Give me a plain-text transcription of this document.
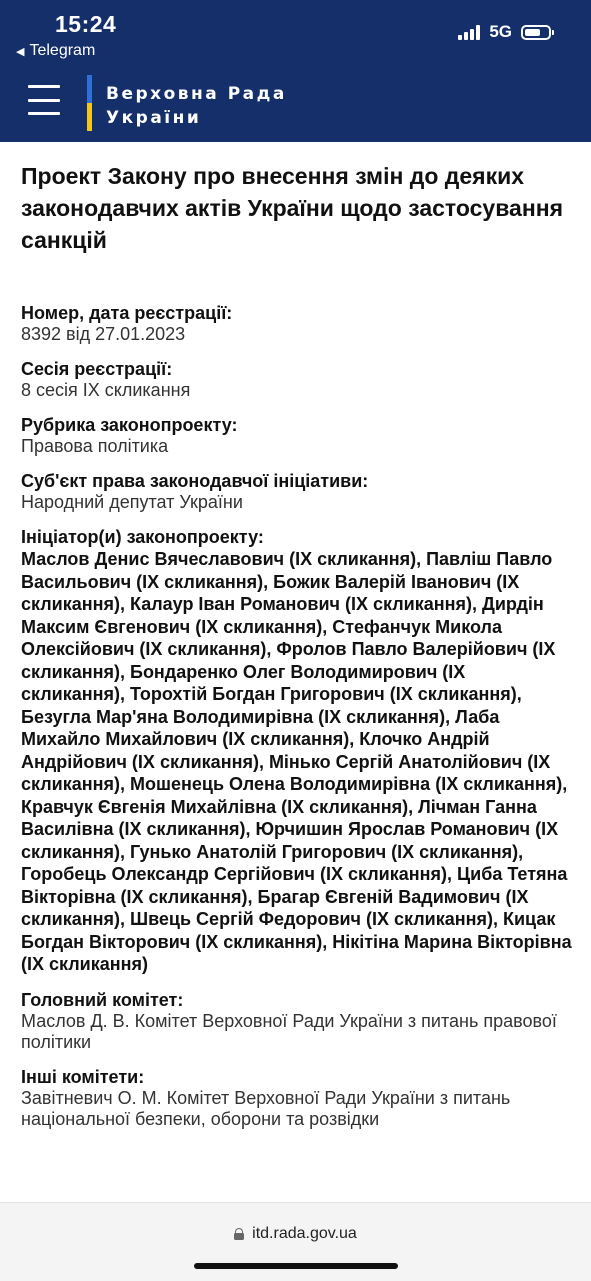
15:24
◀ Telegram
5G
Верховна Рада
України
Проект Закону про внесення змін до деяких законодавчих актів України щодо застосування санкцій
Номер, дата реєстрації:
8392 від 27.01.2023
Сесія реєстрації:
8 сесія IX скликання
Рубрика законопроекту:
Правова політика
Суб'єкт права законодавчої ініціативи:
Народний депутат України
Ініціатор(и) законопроекту:
Маслов Денис Вячеславович (IX скликання), Павліш Павло Васильович (IX скликання), Божик Валерій Іванович (IX скликання), Калаур Іван Романович (IX скликання), Дирдін Максим Євгенович (IX скликання), Стефанчук Микола Олексійович (IX скликання), Фролов Павло Валерійович (IX скликання), Бондаренко Олег Володимирович (IX скликання), Торохтій Богдан Григорович (IX скликання), Безугла Мар'яна Володимирівна (IX скликання), Лаба Михайло Михайлович (IX скликання), Клочко Андрій Андрійович (IX скликання), Мінько Сергій Анатолійович (IX скликання), Мошенець Олена Володимирівна (IX скликання), Кравчук Євгенія Михайлівна (IX скликання), Лічман Ганна Василівна (IX скликання), Юрчишин Ярослав Романович (IX скликання), Гунько Анатолій Григорович (IX скликання), Горобець Олександр Сергійович (IX скликання), Циба Тетяна Вікторівна (IX скликання), Брагар Євгеній Вадимович (IX скликання), Швець Сергій Федорович (IX скликання), Кицак Богдан Вікторович (IX скликання), Нікітіна Марина Вікторівна (IX скликання)
Головний комітет:
Маслов Д. В. Комітет Верховної Ради України з питань правової політики
Інші комітети:
Завітневич О. М. Комітет Верховної Ради України з питань національної безпеки, оборони та розвідки
itd.rada.gov.ua
